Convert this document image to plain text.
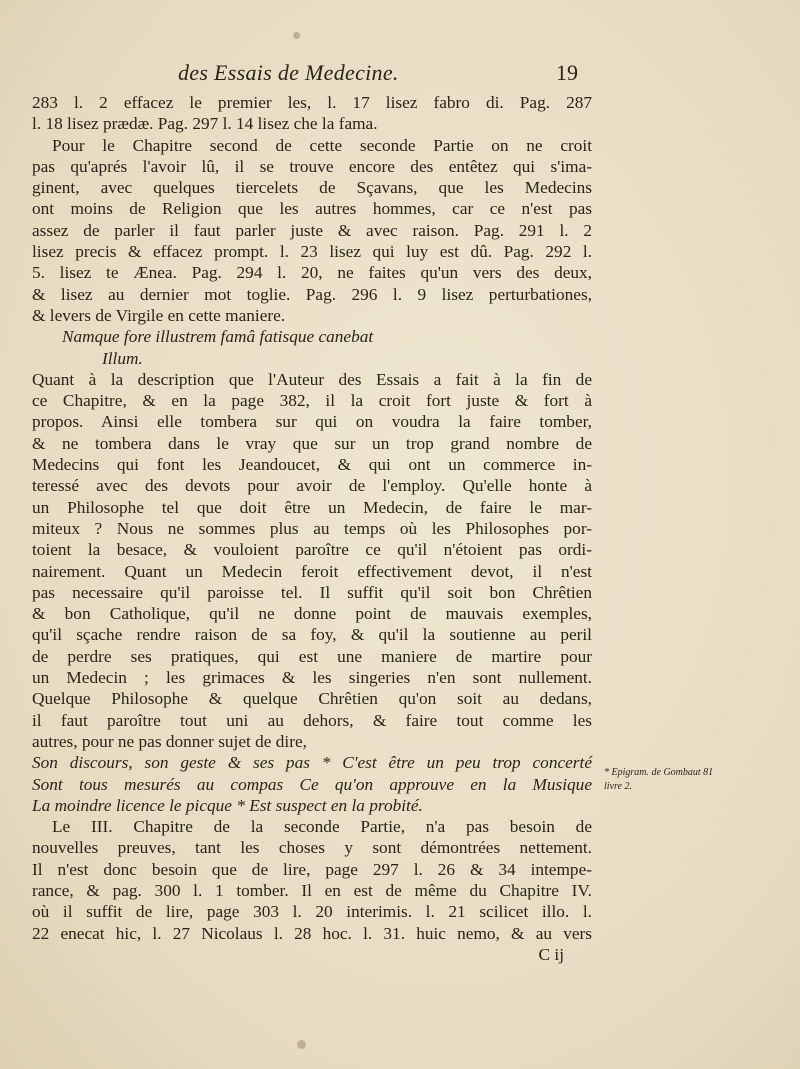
des Essais de Medecine.	19
283 l. 2 effacez le premier les, l. 17 lisez fabro di. Pag. 287
l. 18 lisez prædæ. Pag. 297 l. 14 lisez che la fama.
Pour le Chapitre second de cette seconde Partie on ne croit
pas qu'aprés l'avoir lû, il se trouve encore des entêtez qui s'ima-
ginent, avec quelques tiercelets de Sçavans, que les Medecins
ont moins de Religion que les autres hommes, car ce n'est pas
assez de parler il faut parler juste & avec raison. Pag. 291 l. 2
lisez precis & effacez prompt. l. 23 lisez qui luy est dû. Pag. 292 l.
5. lisez te Ænea. Pag. 294 l. 20, ne faites qu'un vers des deux,
& lisez au dernier mot toglie. Pag. 296 l. 9 lisez perturbationes,
& levers de Virgile en cette maniere.
Namque fore illustrem famâ fatisque canebat
Illum.
Quant à la description que l'Auteur des Essais a fait à la fin de
ce Chapitre, & en la page 382, il la croit fort juste & fort à
propos. Ainsi elle tombera sur qui on voudra la faire tomber,
& ne tombera dans le vray que sur un trop grand nombre de
Medecins qui font les Jeandoucet, & qui ont un commerce in-
teressé avec des devots pour avoir de l'employ. Qu'elle honte à
un Philosophe tel que doit être un Medecin, de faire le mar-
miteux ? Nous ne sommes plus au temps où les Philosophes por-
toient la besace, & vouloient paroître ce qu'il n'étoient pas ordi-
nairement. Quant un Medecin feroit effectivement devot, il n'est
pas necessaire qu'il paroisse tel. Il suffit qu'il soit bon Chrêtien
& bon Catholique, qu'il ne donne point de mauvais exemples,
qu'il sçache rendre raison de sa foy, & qu'il la soutienne au peril
de perdre ses pratiques, qui est une maniere de martire pour
un Medecin ; les grimaces & les singeries n'en sont nullement.
Quelque Philosophe & quelque Chrêtien qu'on soit au dedans,
il faut paroître tout uni au dehors, & faire tout comme les
autres, pour ne pas donner sujet de dire,
Son discours, son geste & ses pas * C'est être un peu trop concerté
Sont tous mesurés au compas Ce qu'on approuve en la Musique
La moindre licence le picque * Est suspect en la probité.
Le III. Chapitre de la seconde Partie, n'a pas besoin de
nouvelles preuves, tant les choses y sont démontrées nettement.
Il n'est donc besoin que de lire, page 297 l. 26 & 34 intempe-
rance, & pag. 300 l. 1 tomber. Il en est de même du Chapitre IV.
où il suffit de lire, page 303 l. 20 interimis. l. 21 scilicet illo. l.
22 enecat hic, l. 27 Nicolaus l. 28 hoc. l. 31. huic nemo, & au vers
C ij
* Epigram. de Gombaut 81 livre 2.
